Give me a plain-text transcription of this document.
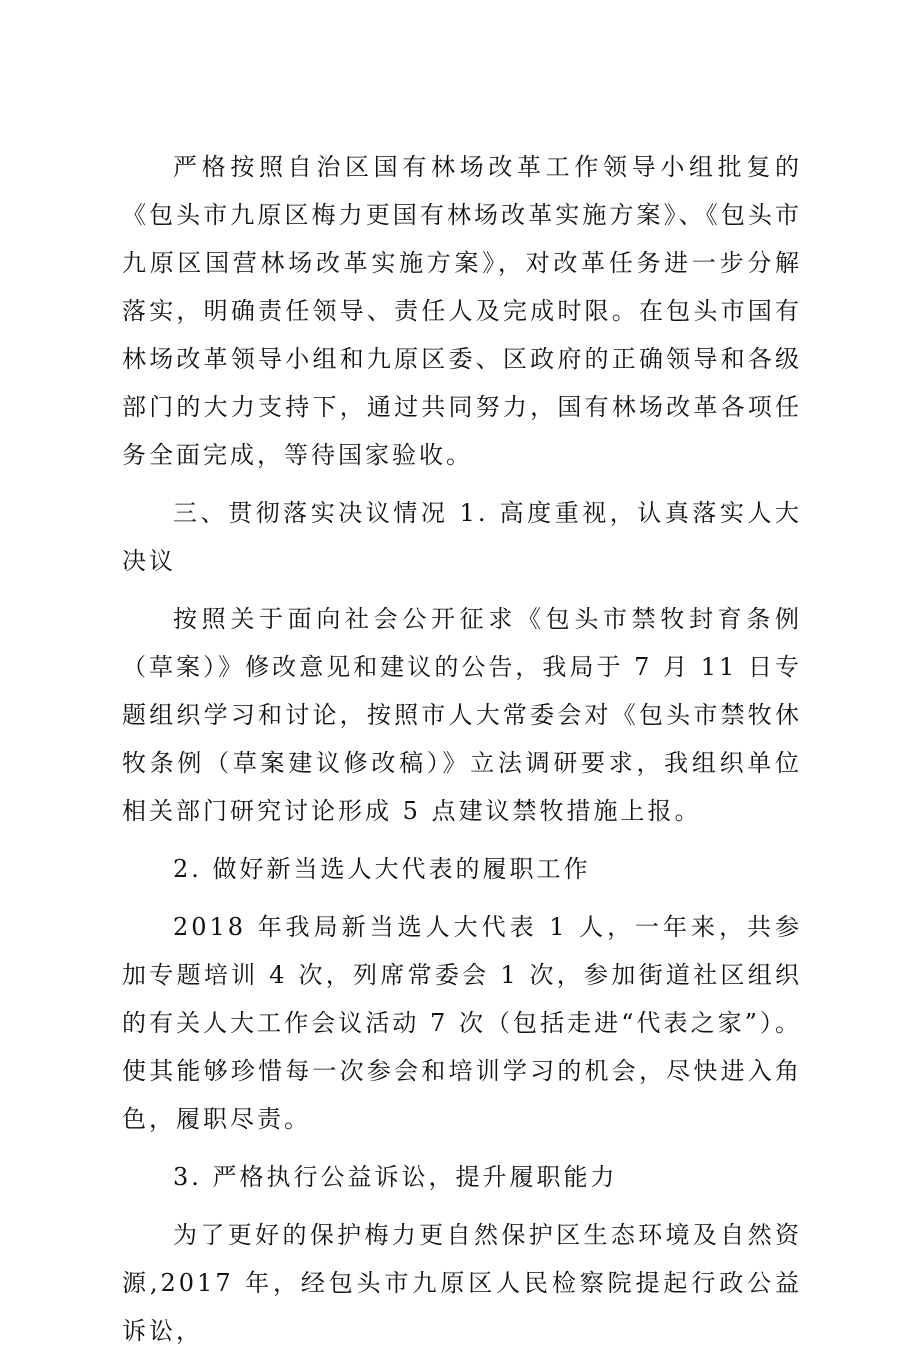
严格按照自治区国有林场改革工作领导小组批复的《包头市九原区梅力更国有林场改革实施方案》、《包头市九原区国营林场改革实施方案》，对改革任务进一步分解落实，明确责任领导、责任人及完成时限。在包头市国有林场改革领导小组和九原区委、区政府的正确领导和各级部门的大力支持下，通过共同努力，国有林场改革各项任务全面完成，等待国家验收。

三、贯彻落实决议情况 1. 高度重视，认真落实人大决议

按照关于面向社会公开征求《包头市禁牧封育条例（草案）》修改意见和建议的公告，我局于 7 月 11 日专题组织学习和讨论，按照市人大常委会对《包头市禁牧休牧条例（草案建议修改稿）》立法调研要求，我组织单位相关部门研究讨论形成 5 点建议禁牧措施上报。

2. 做好新当选人大代表的履职工作

2018 年我局新当选人大代表 1 人，一年来，共参加专题培训 4 次，列席常委会 1 次，参加街道社区组织的有关人大工作会议活动 7 次（包括走进“代表之家”）。使其能够珍惜每一次参会和培训学习的机会，尽快进入角色，履职尽责。

3. 严格执行公益诉讼，提升履职能力

为了更好的保护梅力更自然保护区生态环境及自然资源,2017 年，经包头市九原区人民检察院提起行政公益诉讼，
